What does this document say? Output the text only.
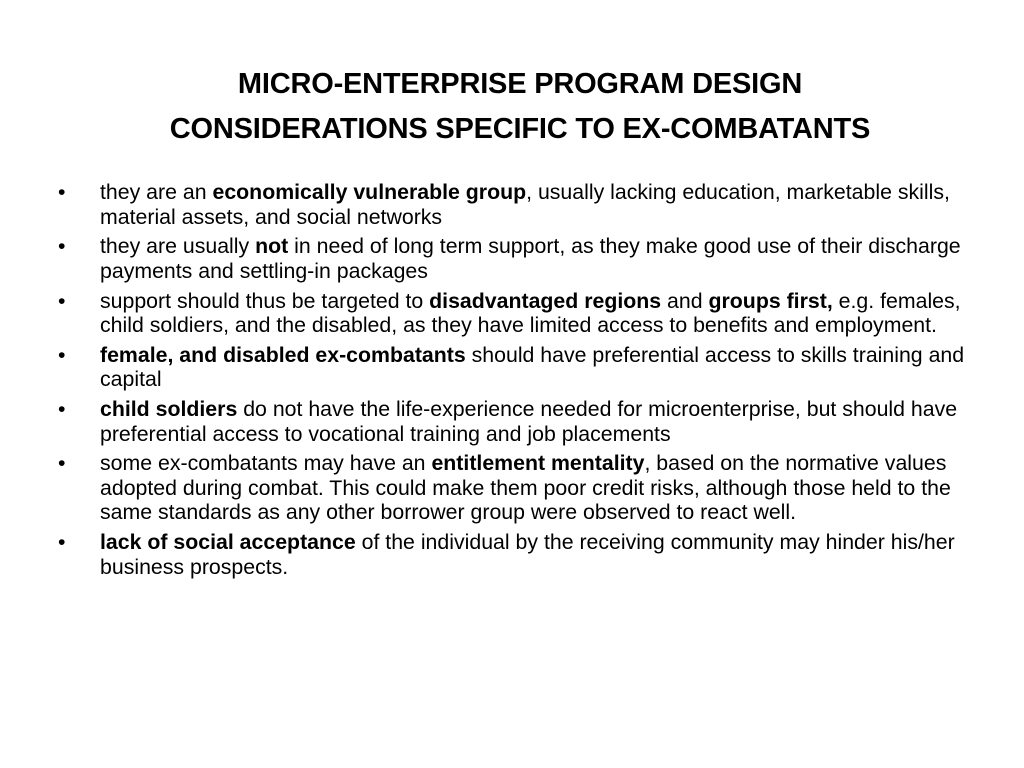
MICRO-ENTERPRISE PROGRAM DESIGN
CONSIDERATIONS SPECIFIC TO EX-COMBATANTS
•	they are an economically vulnerable group, usually lacking education, marketable skills, material assets, and social networks
•	they are usually not in need of long term support, as they make good use of their discharge payments and settling-in packages
•	support should thus be targeted to disadvantaged regions and groups first, e.g. females, child soldiers, and the disabled, as they have limited access to benefits and employment.
•	female, and disabled ex-combatants should have preferential access to skills training and capital
•	child soldiers do not have the life-experience needed for microenterprise, but should have preferential access to vocational training and job placements
•	some ex-combatants may have an entitlement mentality, based on the normative values adopted during combat. This could make them poor credit risks, although those held to the same standards as any other borrower group were observed to react well.
•	lack of social acceptance of the individual by the receiving community may hinder his/her business prospects.
